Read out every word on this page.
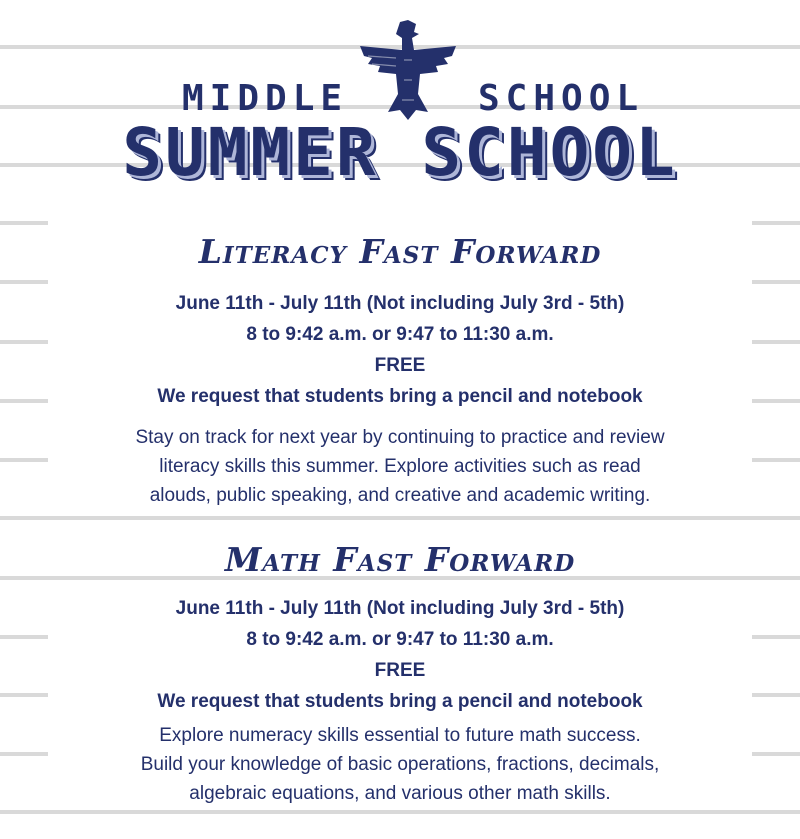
MIDDLE	SCHOOL
SUMMER SCHOOL
Literacy Fast Forward
June 11th - July 11th (Not including July 3rd - 5th)
8 to 9:42 a.m. or 9:47 to 11:30 a.m.
FREE
We request that students bring a pencil and notebook
Stay on track for next year by continuing to practice and review
literacy skills this summer. Explore activities such as read
alouds, public speaking, and creative and academic writing.
Math Fast Forward
June 11th - July 11th (Not including July 3rd - 5th)
8 to 9:42 a.m. or 9:47 to 11:30 a.m.
FREE
We request that students bring a pencil and notebook
Explore numeracy skills essential to future math success.
Build your knowledge of basic operations, fractions, decimals,
algebraic equations, and various other math skills.
